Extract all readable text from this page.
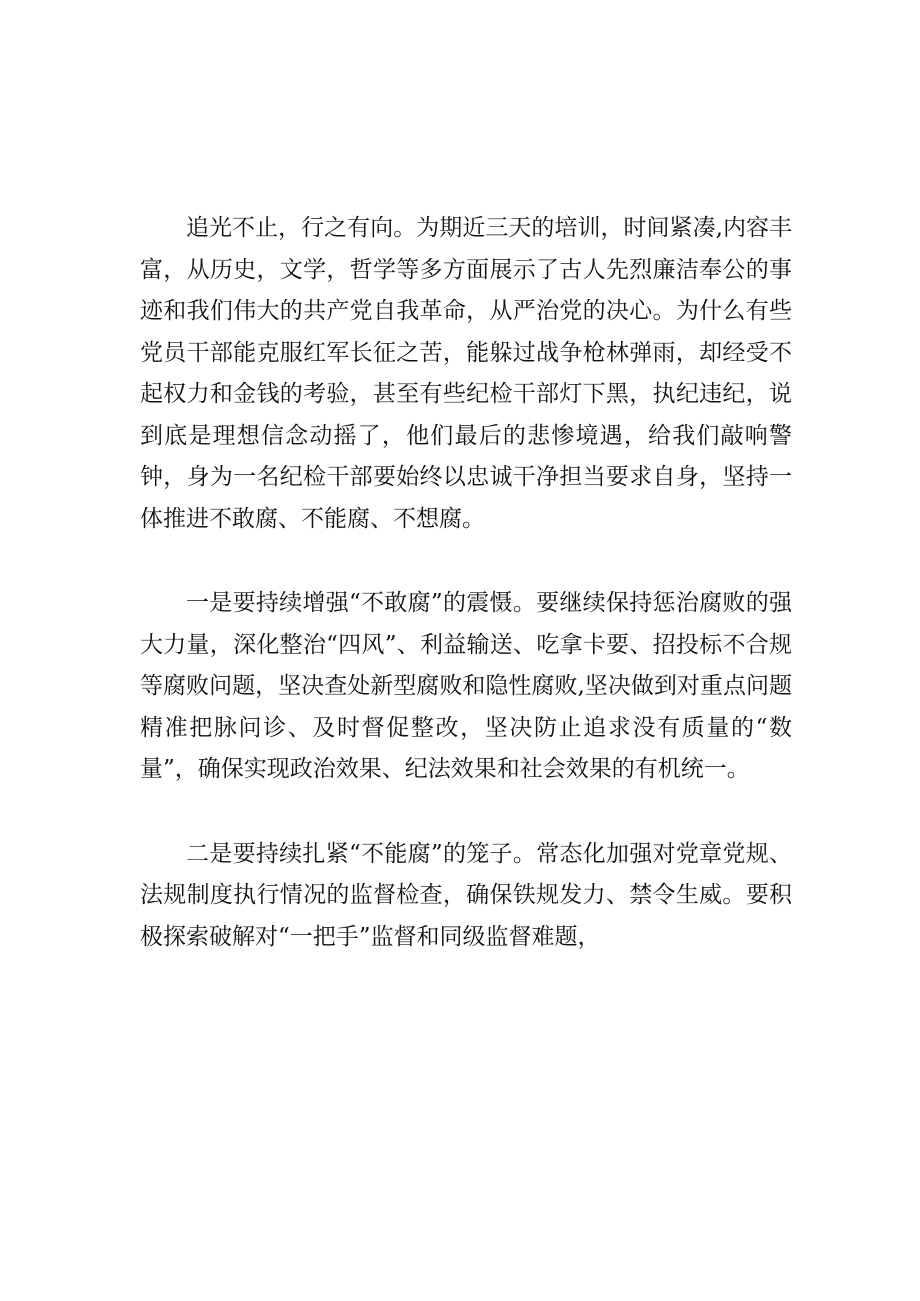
追光不止，行之有向。为期近三天的培训，时间紧凑,内容丰富，从历史，文学，哲学等多方面展示了古人先烈廉洁奉公的事迹和我们伟大的共产党自我革命，从严治党的决心。为什么有些党员干部能克服红军长征之苦，能躲过战争枪林弹雨，却经受不起权力和金钱的考验，甚至有些纪检干部灯下黑，执纪违纪，说到底是理想信念动摇了，他们最后的悲惨境遇，给我们敲响警钟，身为一名纪检干部要始终以忠诚干净担当要求自身，坚持一体推进不敢腐、不能腐、不想腐。

一是要持续增强“不敢腐”的震慑。要继续保持惩治腐败的强大力量，深化整治“四风”、利益输送、吃拿卡要、招投标不合规等腐败问题，坚决查处新型腐败和隐性腐败,坚决做到对重点问题精准把脉问诊、及时督促整改，坚决防止追求没有质量的“数量”，确保实现政治效果、纪法效果和社会效果的有机统一。

二是要持续扎紧“不能腐”的笼子。常态化加强对党章党规、法规制度执行情况的监督检查，确保铁规发力、禁令生威。要积极探索破解对“一把手”监督和同级监督难题，
